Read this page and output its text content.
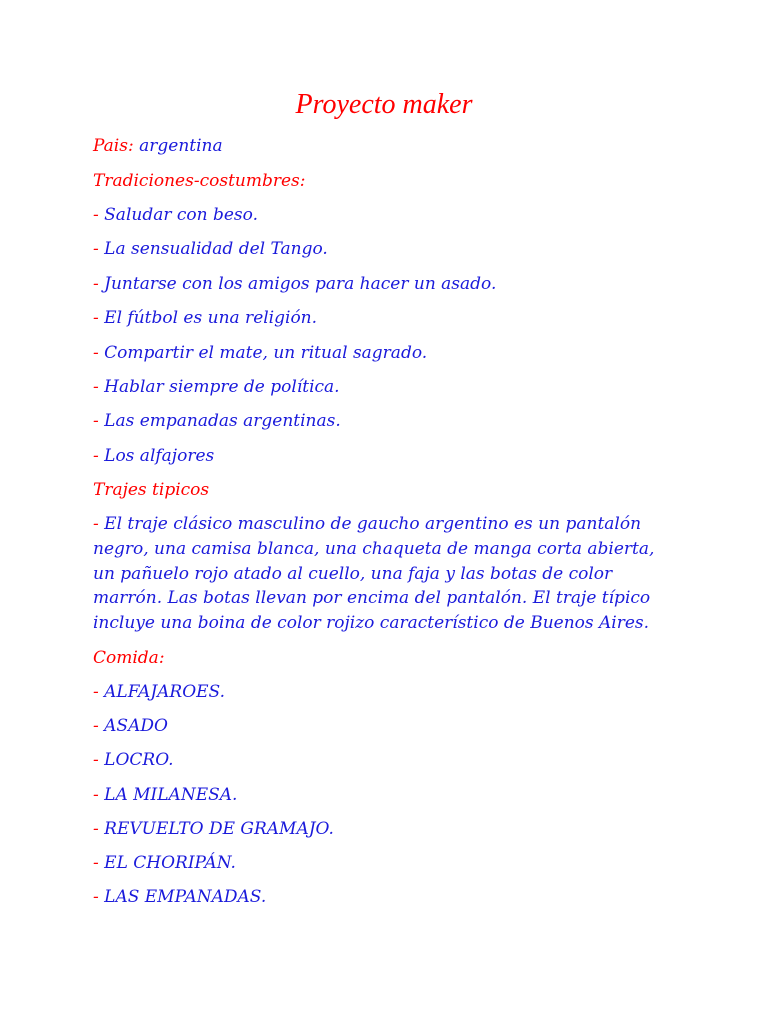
Proyecto maker
Pais: argentina
Tradiciones-costumbres:
- Saludar con beso.
- La sensualidad del Tango.
- Juntarse con los amigos para hacer un asado.
- El fútbol es una religión.
- Compartir el mate, un ritual sagrado.
- Hablar siempre de política.
- Las empanadas argentinas.
- Los alfajores
Trajes tipicos
- El traje clásico masculino de gaucho argentino es un pantalón
negro, una camisa blanca, una chaqueta de manga corta abierta,
un pañuelo rojo atado al cuello, una faja y las botas de color
marrón. Las botas llevan por encima del pantalón. El traje típico
incluye una boina de color rojizo característico de Buenos Aires.
Comida:
- ALFAJAROES.
- ASADO
- LOCRO.
- LA MILANESA.
- REVUELTO DE GRAMAJO.
- EL CHORIPÁN.
- LAS EMPANADAS.
